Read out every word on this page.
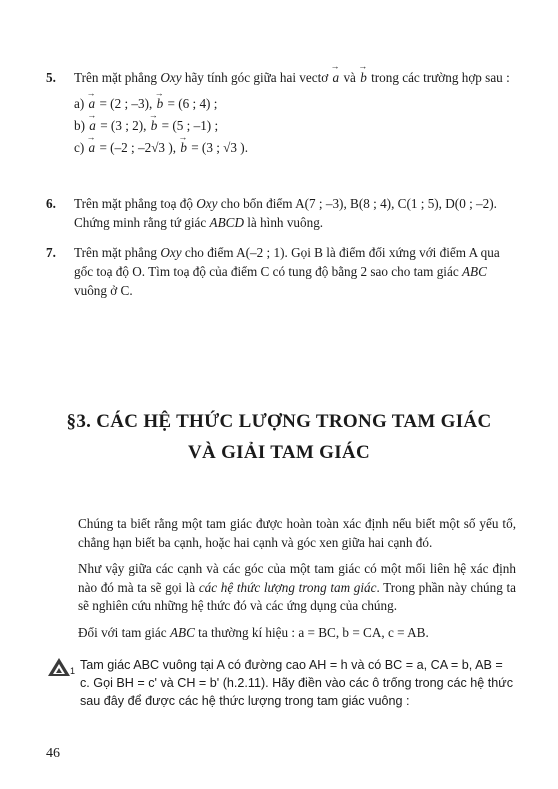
5. Trên mặt phẳng Oxy hãy tính góc giữa hai vectơ → a và → b trong các trường hợp sau :

a) → a = (2 ; –3), → b = (6 ; 4) ;
b) → a = (3 ; 2), → b = (5 ; –1) ;
c) → a = (–2 ; –2√3 ), → b = (3 ; √3 ).
6. Trên mặt phẳng toạ độ Oxy cho bốn điểm A(7 ; –3), B(8 ; 4), C(1 ; 5), D(0 ; –2).

Chứng minh rằng tứ giác ABCD là hình vuông.

7. Trên mặt phẳng Oxy cho điểm A(–2 ; 1). Gọi B là điểm đối xứng với điểm A qua gốc toạ độ O. Tìm toạ độ của điểm C có tung độ bằng 2 sao cho tam giác ABC vuông ở C.

§3. CÁC HỆ THỨC LƯỢNG TRONG TAM GIÁC
VÀ GIẢI TAM GIÁC

Chúng ta biết rằng một tam giác được hoàn toàn xác định nếu biết một số yếu tố, chẳng hạn biết ba cạnh, hoặc hai cạnh và góc xen giữa hai cạnh đó.

Như vậy giữa các cạnh và các góc của một tam giác có một mối liên hệ xác định nào đó mà ta sẽ gọi là các hệ thức lượng trong tam giác. Trong phần này chúng ta sẽ nghiên cứu những hệ thức đó và các ứng dụng của chúng.

Đối với tam giác ABC ta thường kí hiệu : a = BC, b = CA, c = AB.

1 Tam giác ABC vuông tại A có đường cao AH = h và có BC = a, CA = b, AB = c. Gọi BH = c' và CH = b' (h.2.11). Hãy điền vào các ô trống trong các hệ thức sau đây để được các hệ thức lượng trong tam giác vuông :
46
